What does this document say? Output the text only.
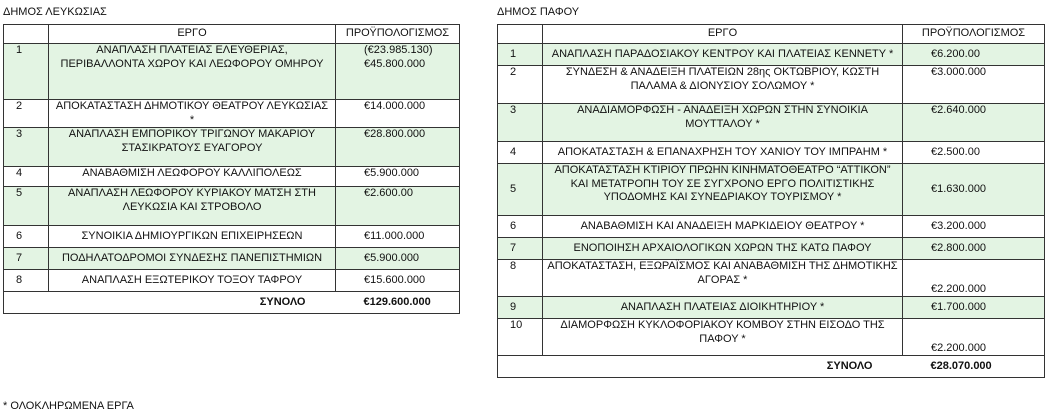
ΔΗΜΟΣ ΛΕΥΚΩΣΙΑΣ
	ΕΡΓΟ	ΠΡΟΫΠΟΛΟΓΙΣΜΟΣ
1	ΑΝΑΠΛΑΣΗ ΠΛΑΤΕΙΑΣ ΕΛΕΥΘΕΡΙΑΣ, ΠΕΡΙΒΑΛΛΟΝΤΑ ΧΩΡΟΥ ΚΑΙ ΛΕΩΦΟΡΟΥ ΟΜΗΡΟΥ	(€23.985.130) €45.800.000
2	ΑΠΟΚΑΤΑΣΤΑΣΗ ΔΗΜΟΤΙΚΟΥ ΘΕΑΤΡΟΥ ΛΕΥΚΩΣΙΑΣ *	€14.000.000
3	ΑΝΑΠΛΑΣΗ ΕΜΠΟΡΙΚΟΥ ΤΡΙΓΩΝΟΥ ΜΑΚΑΡΙΟΥ ΣΤΑΣΙΚΡΑΤΟΥΣ ΕΥΑΓΟΡΟΥ	€28.800.000
4	ΑΝΑΒΑΘΜΙΣΗ ΛΕΩΦΟΡΟΥ ΚΑΛΛΙΠΟΛΕΩΣ	€5.900.000
5	ΑΝΑΠΛΑΣΗ ΛΕΩΦΟΡΟΥ ΚΥΡΙΑΚΟΥ ΜΑΤΣΗ ΣΤΗ ΛΕΥΚΩΣΙΑ ΚΑΙ ΣΤΡΟΒΟΛΟ	€2.600.00
6	ΣΥΝΟΙΚΙΑ ΔΗΜΙΟΥΡΓΙΚΩΝ ΕΠΙΧΕΙΡΗΣΕΩΝ	€11.000.000
7	ΠΟΔΗΛΑΤΟΔΡΟΜΟΙ ΣΥΝΔΕΣΗΣ ΠΑΝΕΠΙΣΤΗΜΙΩΝ	€5.900.000
8	ΑΝΑΠΛΑΣΗ ΕΞΩΤΕΡΙΚΟΥ ΤΟΞΟΥ ΤΑΦΡΟΥ	€15.600.000
ΣΥΝΟΛΟ		€129.600.000
ΔΗΜΟΣ ΠΑΦΟΥ
	ΕΡΓΟ	ΠΡΟΫΠΟΛΟΓΙΣΜΟΣ
1	ΑΝΑΠΛΑΣΗ ΠΑΡΑΔΟΣΙΑΚΟΥ ΚΕΝΤΡΟΥ ΚΑΙ ΠΛΑΤΕΙΑΣ ΚΕΝΝΕΤΥ *	€6.200.00
2	ΣΥΝΔΕΣΗ & ΑΝΑΔΕΙΞΗ ΠΛΑΤΕΙΩΝ 28ης ΟΚΤΩΒΡΙΟΥ, ΚΩΣΤΗ ΠΑΛΑΜΑ & ΔΙΟΝΥΣΙΟΥ ΣΟΛΩΜΟΥ *	€3.000.000
3	ΑΝΑΔΙΑΜΟΡΦΩΣΗ - ΑΝΑΔΕΙΞΗ ΧΩΡΩΝ ΣΤΗΝ ΣΥΝΟΙΚΙΑ ΜΟΥΤΤΑΛΟΥ *	€2.640.000
4	ΑΠΟΚΑΤΑΣΤΑΣΗ & ΕΠΑΝΑΧΡΗΣΗ ΤΟΥ ΧΑΝΙΟΥ ΤΟΥ ΙΜΠΡΑΗΜ *	€2.500.00
5	ΑΠΟΚΑΤΑΣΤΑΣΗ ΚΤΙΡΙΟΥ ΠΡΩΗΝ ΚΙΝΗΜΑΤΟΘΕΑΤΡΟ “ΑΤΤΙΚΟΝ” ΚΑΙ ΜΕΤΑΤΡΟΠΗ ΤΟΥ ΣΕ ΣΥΓΧΡΟΝΟ ΕΡΓΟ ΠΟΛΙΤΙΣΤΙΚΗΣ ΥΠΟΔΟΜΗΣ ΚΑΙ ΣΥΝΕΔΡΙΑΚΟΥ ΤΟΥΡΙΣΜΟΥ *	€1.630.000
6	ΑΝΑΒΑΘΜΙΣΗ ΚΑΙ ΑΝΑΔΕΙΞΗ ΜΑΡΚΙΔΕΙΟΥ ΘΕΑΤΡΟΥ *	€3.200.000
7	ΕΝΟΠΟΙΗΣΗ ΑΡΧΑΙΟΛΟΓΙΚΩΝ ΧΩΡΩΝ ΤΗΣ ΚΑΤΩ ΠΑΦΟΥ	€2.800.000
8	ΑΠΟΚΑΤΑΣΤΑΣΗ, ΕΞΩΡΑΪΣΜΟΣ ΚΑΙ ΑΝΑΒΑΘΜΙΣΗ ΤΗΣ ΔΗΜΟΤΙΚΗΣ ΑΓΟΡΑΣ *	€2.200.000
9	ΑΝΑΠΛΑΣΗ ΠΛΑΤΕΙΑΣ ΔΙΟΙΚΗΤΗΡΙΟΥ *	€1.700.000
10	ΔΙΑΜΟΡΦΩΣΗ ΚΥΚΛΟΦΟΡΙΑΚΟΥ ΚΟΜΒΟΥ ΣΤΗΝ ΕΙΣΟΔΟ ΤΗΣ ΠΑΦΟΥ *	€2.200.000
ΣΥΝΟΛΟ		€28.070.000
* ΟΛΟΚΛΗΡΩΜΕΝΑ ΕΡΓΑ
